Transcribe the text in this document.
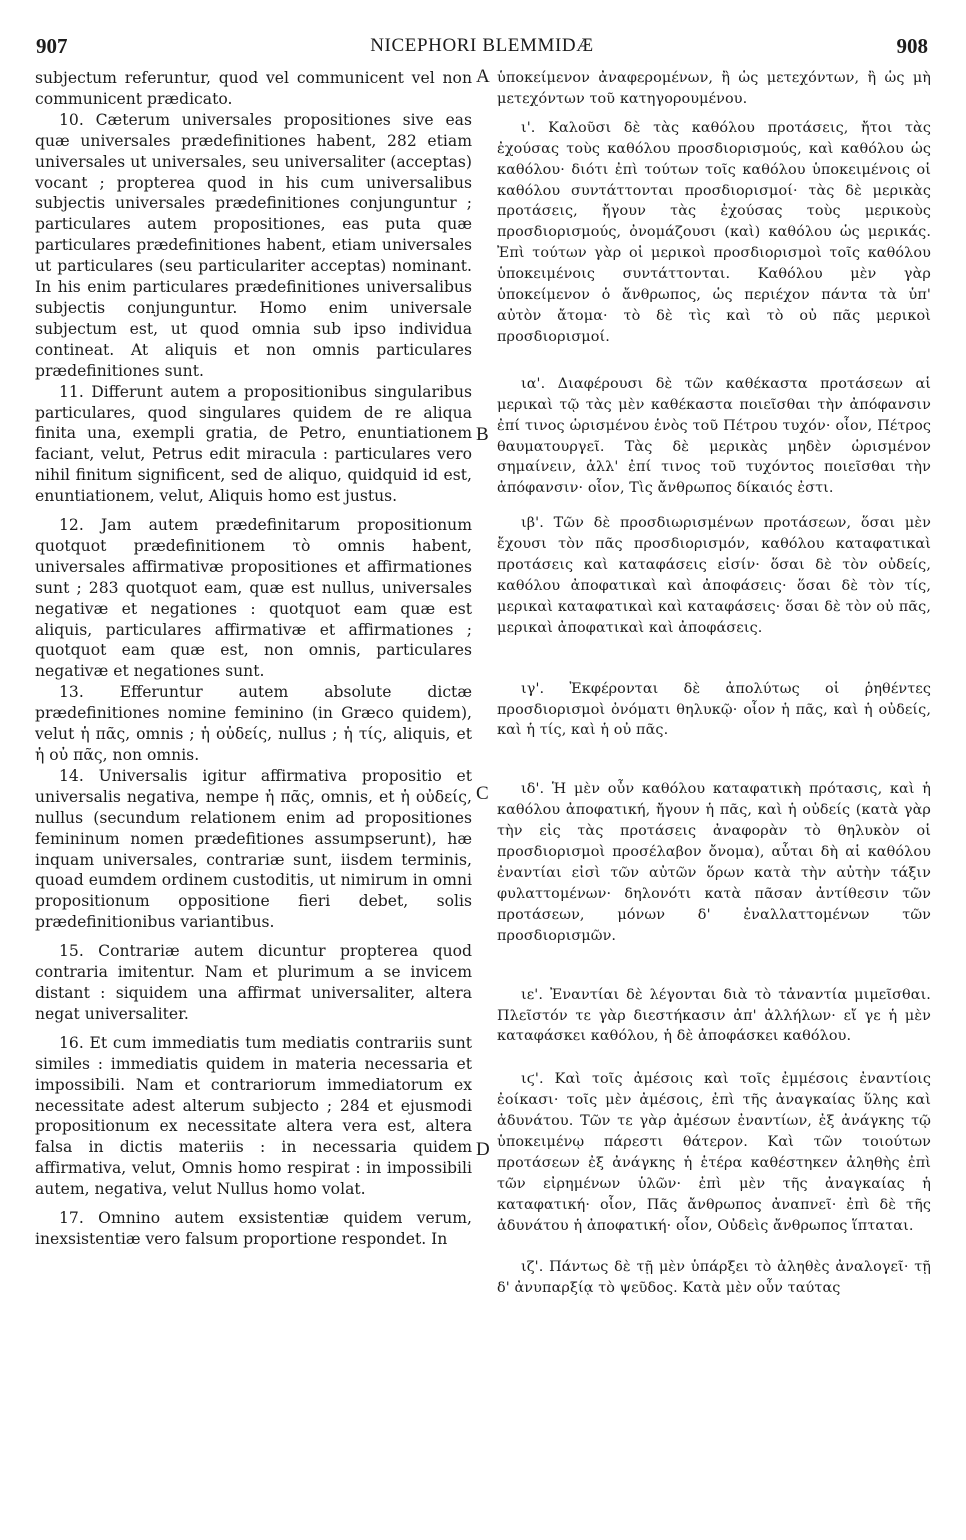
907	NICEPHORI BLEMMIDÆ	908
A
B
C
D

subjectum referuntur, quod vel communicent vel non communicent prædicato.

10. Cæterum universales propositiones sive eas quæ universales prædefinitiones habent, 282 etiam universales ut universales, seu universaliter (acceptas) vocant ; propterea quod in his cum universalibus subjectis universales prædefinitiones conjunguntur ; particulares autem propositiones, eas puta quæ particulares prædefinitiones habent, etiam universales ut particulares (seu particulariter acceptas) nominant. In his enim particulares prædefinitiones universalibus subjectis conjunguntur. Homo enim universale subjectum est, ut quod omnia sub ipso individua contineat. At aliquis et non omnis particulares prædefinitiones sunt.

11. Differunt autem a propositionibus singularibus particulares, quod singulares quidem de re aliqua finita una, exempli gratia, de Petro, enuntiationem faciant, velut, Petrus edit miracula : particulares vero nihil finitum significent, sed de aliquo, quidquid id est, enuntiationem, velut, Aliquis homo est justus.

12. Jam autem prædefinitarum propositionum quotquot prædefinitionem τὸ omnis habent, universales affirmativæ propositiones et affirmationes sunt ; 283 quotquot eam, quæ est nullus, universales negativæ et negationes : quotquot eam quæ est aliquis, particulares affirmativæ et affirmationes ; quotquot eam quæ est, non omnis, particulares negativæ et negationes sunt.

13. Efferuntur autem absolute dictæ prædefinitiones nomine feminino (in Græco quidem), velut ἡ πᾶς, omnis ; ἡ οὐδείς, nullus ; ἡ τίς, aliquis, et ἡ οὐ πᾶς, non omnis.

14. Universalis igitur affirmativa propositio et universalis negativa, nempe ἡ πᾶς, omnis, et ἡ οὐδείς, nullus (secundum relationem enim ad propositiones femininum nomen prædefitiones assumpserunt), hæ inquam universales, contrariæ sunt, iisdem terminis, quoad eumdem ordinem custoditis, ut nimirum in omni propositionum oppositione fieri debet, solis prædefinitionibus variantibus.

15. Contrariæ autem dicuntur propterea quod contraria imitentur. Nam et plurimum a se invicem distant : siquidem una affirmat universaliter, altera negat universaliter.

16. Et cum immediatis tum mediatis contrariis sunt similes : immediatis quidem in materia necessaria et impossibili. Nam et contrariorum immediatorum ex necessitate adest alterum subjecto ; 284 et ejusmodi propositionum ex necessitate altera vera est, altera falsa in dictis materiis : in necessaria quidem affirmativa, velut, Omnis homo respirat : in impossibili autem, negativa, velut Nullus homo volat.

17. Omnino autem exsistentiæ quidem verum, inexsistentiæ vero falsum proportione respondet. In

ὑποκείμενον ἀναφερομένων, ἢ ὡς μετεχόντων, ἢ ὡς μὴ μετεχόντων τοῦ κατηγορουμένου.

ι'. Καλοῦσι δὲ τὰς καθόλου προτάσεις, ἤτοι τὰς ἐχούσας τοὺς καθόλου προσδιορισμούς, καὶ καθόλου ὡς καθόλου· διότι ἐπὶ τούτων τοῖς καθόλου ὑποκειμένοις οἱ καθόλου συντάττονται προσδιορισμοί· τὰς δὲ μερικὰς προτάσεις, ἤγουν τὰς ἐχούσας τοὺς μερικοὺς προσδιορισμούς, ὀνομάζουσι (καὶ) καθόλου ὡς μερικάς. Ἐπὶ τούτων γὰρ οἱ μερικοὶ προσδιορισμοὶ τοῖς καθόλου ὑποκειμένοις συντάττονται. Καθόλου μὲν γὰρ ὑποκείμενον ὁ ἄνθρωπος, ὡς περιέχον πάντα τὰ ὑπ' αὐτὸν ἄτομα· τὸ δὲ τὶς καὶ τὸ οὐ πᾶς μερικοὶ προσδιορισμοί.

ια'. Διαφέρουσι δὲ τῶν καθέκαστα προτάσεων αἱ μερικαὶ τῷ τὰς μὲν καθέκαστα ποιεῖσθαι τὴν ἀπόφανσιν ἐπί τινος ὡρισμένου ἑνὸς τοῦ Πέτρου τυχόν· οἷον, Πέτρος θαυματουργεῖ. Τὰς δὲ μερικὰς μηδὲν ὡρισμένον σημαίνειν, ἀλλ' ἐπί τινος τοῦ τυχόντος ποιεῖσθαι τὴν ἀπόφανσιν· οἷον, Τὶς ἄνθρωπος δίκαιός ἐστι.

ιβ'. Τῶν δὲ προσδιωρισμένων προτάσεων, ὅσαι μὲν ἔχουσι τὸν πᾶς προσδιορισμόν, καθόλου καταφατικαὶ προτάσεις καὶ καταφάσεις εἰσίν· ὅσαι δὲ τὸν οὐδείς, καθόλου ἀποφατικαὶ καὶ ἀποφάσεις· ὅσαι δὲ τὸν τίς, μερικαὶ καταφατικαὶ καὶ καταφάσεις· ὅσαι δὲ τὸν οὐ πᾶς, μερικαὶ ἀποφατικαὶ καὶ ἀποφάσεις.

ιγ'. Ἐκφέρονται δὲ ἀπολύτως οἱ ῥηθέντες προσδιορισμοὶ ὀνόματι θηλυκῷ· οἷον ἡ πᾶς, καὶ ἡ οὐδείς, καὶ ἡ τίς, καὶ ἡ οὐ πᾶς.

ιδ'. Ἡ μὲν οὖν καθόλου καταφατικὴ πρότασις, καὶ ἡ καθόλου ἀποφατική, ἤγουν ἡ πᾶς, καὶ ἡ οὐδείς (κατὰ γὰρ τὴν εἰς τὰς προτάσεις ἀναφορὰν τὸ θηλυκὸν οἱ προσδιορισμοὶ προσέλαβον ὄνομα), αὗται δὴ αἱ καθόλου ἐναντίαι εἰσὶ τῶν αὐτῶν ὅρων κατὰ τὴν αὐτὴν τάξιν φυλαττομένων· δηλονότι κατὰ πᾶσαν ἀντίθεσιν τῶν προτάσεων, μόνων δ' ἐναλλαττομένων τῶν προσδιορισμῶν.

ιε'. Ἐναντίαι δὲ λέγονται διὰ τὸ τἀναντία μιμεῖσθαι. Πλεῖστόν τε γὰρ διεστήκασιν ἀπ' ἀλλήλων· εἴ γε ἡ μὲν καταφάσκει καθόλου, ἡ δὲ ἀποφάσκει καθόλου.

ιϛ'. Καὶ τοῖς ἀμέσοις καὶ τοῖς ἐμμέσοις ἐναντίοις ἐοίκασι· τοῖς μὲν ἀμέσοις, ἐπὶ τῆς ἀναγκαίας ὕλης καὶ ἀδυνάτου. Τῶν τε γὰρ ἀμέσων ἐναντίων, ἐξ ἀνάγκης τῷ ὑποκειμένῳ πάρεστι θάτερον. Καὶ τῶν τοιούτων προτάσεων ἐξ ἀνάγκης ἡ ἑτέρα καθέστηκεν ἀληθὴς ἐπὶ τῶν εἰρημένων ὑλῶν· ἐπὶ μὲν τῆς ἀναγκαίας ἡ καταφατική· οἷον, Πᾶς ἄνθρωπος ἀναπνεῖ· ἐπὶ δὲ τῆς ἀδυνάτου ἡ ἀποφατική· οἷον, Οὐδεὶς ἄνθρωπος ἵπταται.

ιζ'. Πάντως δὲ τῇ μὲν ὑπάρξει τὸ ἀληθὲς ἀναλογεῖ· τῇ δ' ἀνυπαρξίᾳ τὸ ψεῦδος. Κατὰ μὲν οὖν ταύτας
